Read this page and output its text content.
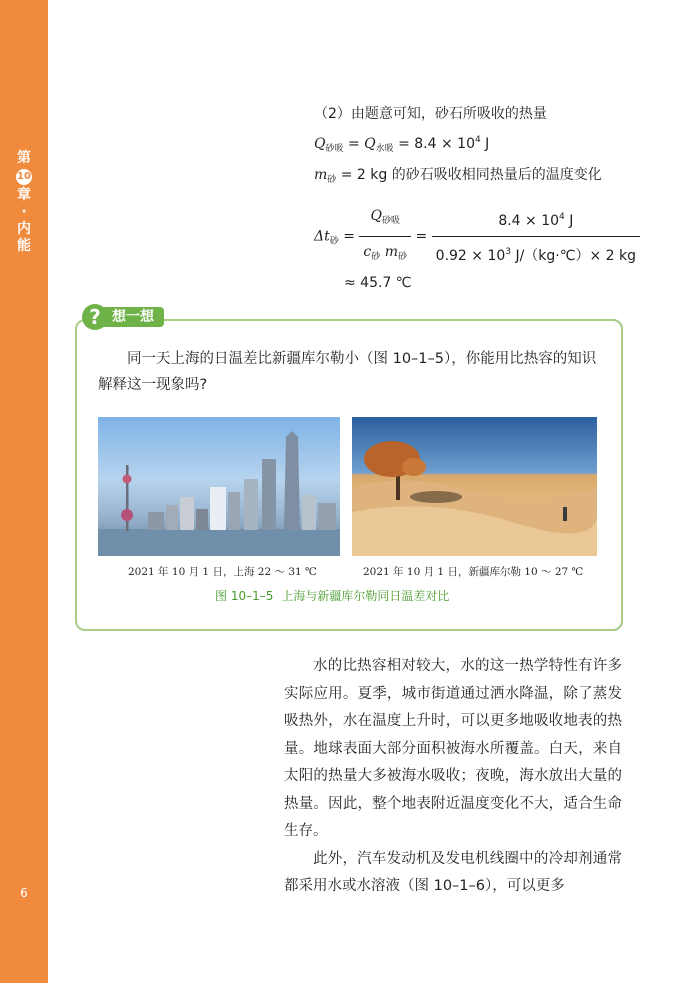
第
10
章
·
内
能
6
（2）由题意可知，砂石所吸收的热量
$Q_{砂吸} = Q_{水吸} = 8.4 \times 10^4$ J
$m_砂 = 2$ kg 的砂石吸收相同热量后的温度变化
$\Delta t_砂 = \frac{Q_{砂吸}}{c_砂 m_砂} = \frac{8.4 \times 10^4 J}{0.92 \times 10^3 J/(kg\cdot℃)\times 2 kg}$
≈ 45.7 ℃
想一想
?
同一天上海的日温差比新疆库尔勒小（图 10–1–5），你能用比热容的知识解释这一现象吗?
2021 年 10 月 1 日，上海 22 ～ 31 ℃	2021 年 10 月 1 日，新疆库尔勒 10 ～ 27 ℃
图 10–1–5 上海与新疆库尔勒同日温差对比

水的比热容相对较大，水的这一热学特性有许多实际应用。夏季，城市街道通过洒水降温，除了蒸发吸热外，水在温度上升时，可以更多地吸收地表的热量。地球表面大部分面积被海水所覆盖。白天，来自太阳的热量大多被海水吸收；夜晚，海水放出大量的热量。因此，整个地表附近温度变化不大，适合生命生存。

此外，汽车发动机及发电机线圈中的冷却剂通常都采用水或水溶液（图 10–1–6），可以更多
